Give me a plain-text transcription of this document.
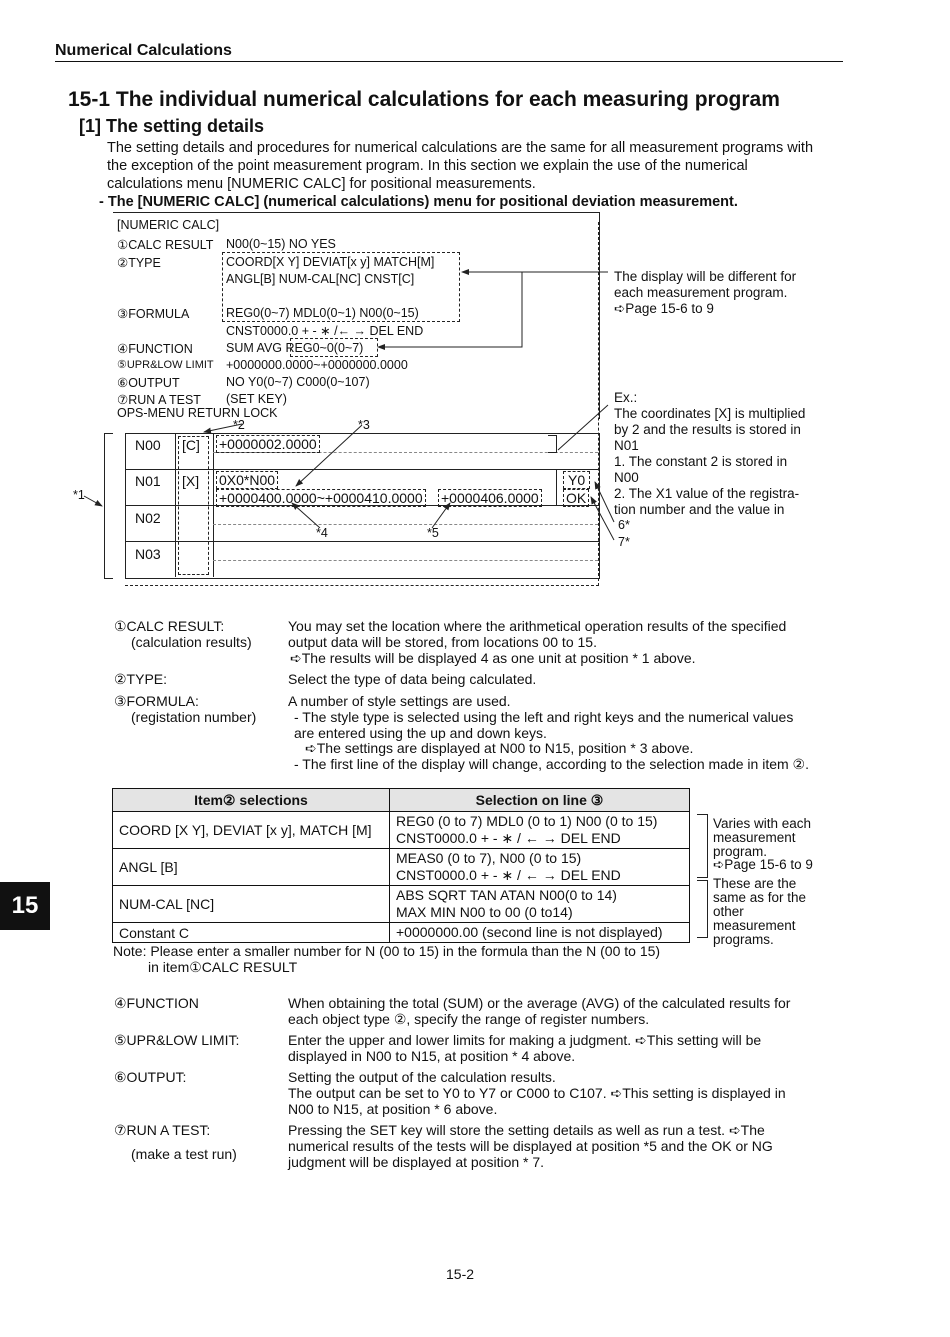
Numerical Calculations
15-1 The individual numerical calculations for each measuring program
[1] The setting details
The setting details and procedures for numerical calculations are the same for all measurement programs with the exception of the point measurement program. In this section we explain the use of the numerical calculations menu [NUMERIC CALC] for positional measurements.
- The [NUMERIC CALC] (numerical calculations) menu for positional deviation measurement.
[NUMERIC CALC]
①CALC RESULT N00(0~15) NO YES
②TYPE	COORD[X Y] DEVIAT[x y] MATCH[M]
ANGL[B] NUM-CAL[NC] CNST[C]
③FORMULA	REG0(0~7) MDL0(0~1) N00(0~15)
CNST0000.0 + - ∗ /← → DEL END
④FUNCTION	SUM AVG REG0~0(0~7)
⑤UPR&LOW LIMIT +0000000.0000~+0000000.0000
⑥OUTPUT	NO Y0(0~7) C000(0~107)
⑦RUN A TEST (SET KEY)
OPS-MENU RETURN LOCK
N00 [C] +0000002.0000
N01 [X] 0X0*N00	Y0
+0000400.0000~+0000410.0000 +0000406.0000 OK
N02
N03
*1
*2	*3
*4	*5
6*
7*
The display will be different for each measurement program.
➪Page 15-6 to 9
Ex.:
The coordinates [X] is multiplied by 2 and the results is stored in N01
1. The constant 2 is stored in N00
2. The X1 value of the registra- tion number and the value in
①CALC RESULT:
(calculation results)
You may set the location where the arithmetical operation results of the specified output data will be stored, from locations 00 to 15.
➪The results will be displayed 4 as one unit at position * 1 above.
②TYPE:	Select the type of data being calculated.
③FORMULA:
(registation number)
A number of style settings are used.
- The style type is selected using the left and right keys and the numerical values are entered using the up and down keys.
➪The settings are displayed at N00 to N15, position * 3 above.
- The first line of the display will change, according to the selection made in item ②.
Item② selections	Selection on line ③
COORD [X Y], DEVIAT [x y], MATCH [M]	REG0 (0 to 7) MDL0 (0 to 1) N00 (0 to 15)
CNST0000.0 + - ∗ / ← → DEL END

ANGL [B]	MEAS0 (0 to 7), N00 (0 to 15)
CNST0000.0 + - ∗ / ← → DEL END

NUM-CAL [NC]	ABS SQRT TAN ATAN N00(0 to 14)
MAX MIN N00 to 00 (0 to14)

Constant C	+0000000.00 (second line is not displayed)
Varies with each measurement program.
➪Page 15-6 to 9
These are the same as for the other measurement programs.
Note: Please enter a smaller number for N (00 to 15) in the formula than the N (00 to 15)
in item①CALC RESULT
④FUNCTION	When obtaining the total (SUM) or the average (AVG) of the calculated results for each object type ②, specify the range of register numbers.
⑤UPR&LOW LIMIT:	Enter the upper and lower limits for making a judgment. ➪This setting will be displayed in N00 to N15, at position * 4 above.
⑥OUTPUT:	Setting the output of the calculation results.
The output can be set to Y0 to Y7 or C000 to C107. ➪This setting is displayed in N00 to N15, at position * 6 above.
⑦RUN A TEST:
(make a test run)
Pressing the SET key will store the setting details as well as run a test. ➪The numerical results of the tests will be displayed at position *5 and the OK or NG judgment will be displayed at position * 7.
15
15-2
